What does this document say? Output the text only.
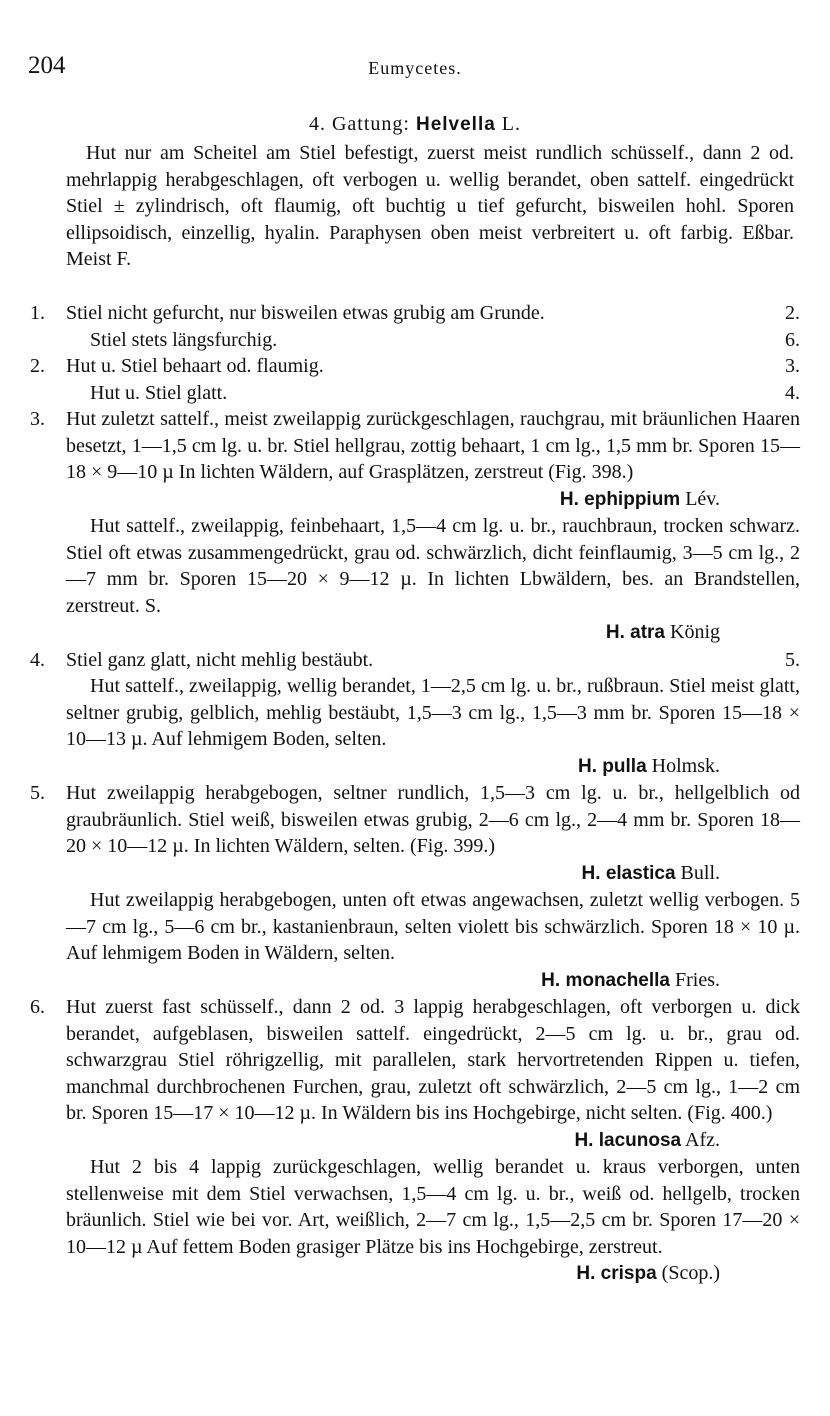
204	Eumycetes.
4. Gattung: Helvella L.
Hut nur am Scheitel am Stiel befestigt, zuerst meist rundlich schüsself., dann 2 od. mehrlappig herabgeschlagen, oft verbogen u. wellig berandet, oben sattelf. eingedrückt Stiel ± zylindrisch, oft flaumig, oft buchtig u tief gefurcht, bisweilen hohl. Sporen ellipsoidisch, einzellig, hyalin. Paraphysen oben meist verbreitert u. oft farbig. Eßbar. Meist F.
1.	Stiel nicht gefurcht, nur bisweilen etwas grubig am Grunde.	2.
Stiel stets längsfurchig.	6.
2.	Hut u. Stiel behaart od. flaumig.	3.
Hut u. Stiel glatt.	4.
3.	Hut zuletzt sattelf., meist zweilappig zurückgeschlagen, rauchgrau, mit bräunlichen Haaren besetzt, 1—1,5 cm lg. u. br. Stiel hellgrau, zottig behaart, 1 cm lg., 1,5 mm br. Sporen 15—18 × 9—10 µ In lichten Wäldern, auf Grasplätzen, zerstreut (Fig. 398.)
H. ephippium Lév.
Hut sattelf., zweilappig, feinbehaart, 1,5—4 cm lg. u. br., rauchbraun, trocken schwarz. Stiel oft etwas zusammengedrückt, grau od. schwärzlich, dicht feinflaumig, 3—5 cm lg., 2—7 mm br. Sporen 15—20 × 9—12 µ. In lichten Lbwäldern, bes. an Brandstellen, zerstreut. S.
H. atra König
4.	Stiel ganz glatt, nicht mehlig bestäubt.	5.
Hut sattelf., zweilappig, wellig berandet, 1—2,5 cm lg. u. br., rußbraun. Stiel meist glatt, seltner grubig, gelblich, mehlig bestäubt, 1,5—3 cm lg., 1,5—3 mm br. Sporen 15—18 × 10—13 µ. Auf lehmigem Boden, selten.
H. pulla Holmsk.
5.	Hut zweilappig herabgebogen, seltner rundlich, 1,5—3 cm lg. u. br., hellgelblich od graubräunlich. Stiel weiß, bisweilen etwas grubig, 2—6 cm lg., 2—4 mm br. Sporen 18—20 × 10—12 µ. In lichten Wäldern, selten. (Fig. 399.)
H. elastica Bull.
Hut zweilappig herabgebogen, unten oft etwas angewachsen, zuletzt wellig verbogen. 5—7 cm lg., 5—6 cm br., kastanienbraun, selten violett bis schwärzlich. Sporen 18 × 10 µ. Auf lehmigem Boden in Wäldern, selten.
H. monachella Fries.
6.	Hut zuerst fast schüsself., dann 2 od. 3 lappig herabgeschlagen, oft verborgen u. dick berandet, aufgeblasen, bisweilen sattelf. eingedrückt, 2—5 cm lg. u. br., grau od. schwarzgrau Stiel röhrigzellig, mit parallelen, stark hervortretenden Rippen u. tiefen, manchmal durchbrochenen Furchen, grau, zuletzt oft schwärzlich, 2—5 cm lg., 1—2 cm br. Sporen 15—17 × 10—12 µ. In Wäldern bis ins Hochgebirge, nicht selten. (Fig. 400.)
H. lacunosa Afz.
Hut 2 bis 4 lappig zurückgeschlagen, wellig berandet u. kraus verborgen, unten stellenweise mit dem Stiel verwachsen, 1,5—4 cm lg. u. br., weiß od. hellgelb, trocken bräunlich. Stiel wie bei vor. Art, weißlich, 2—7 cm lg., 1,5—2,5 cm br. Sporen 17—20 × 10—12 µ Auf fettem Boden grasiger Plätze bis ins Hochgebirge, zerstreut.
H. crispa (Scop.)
